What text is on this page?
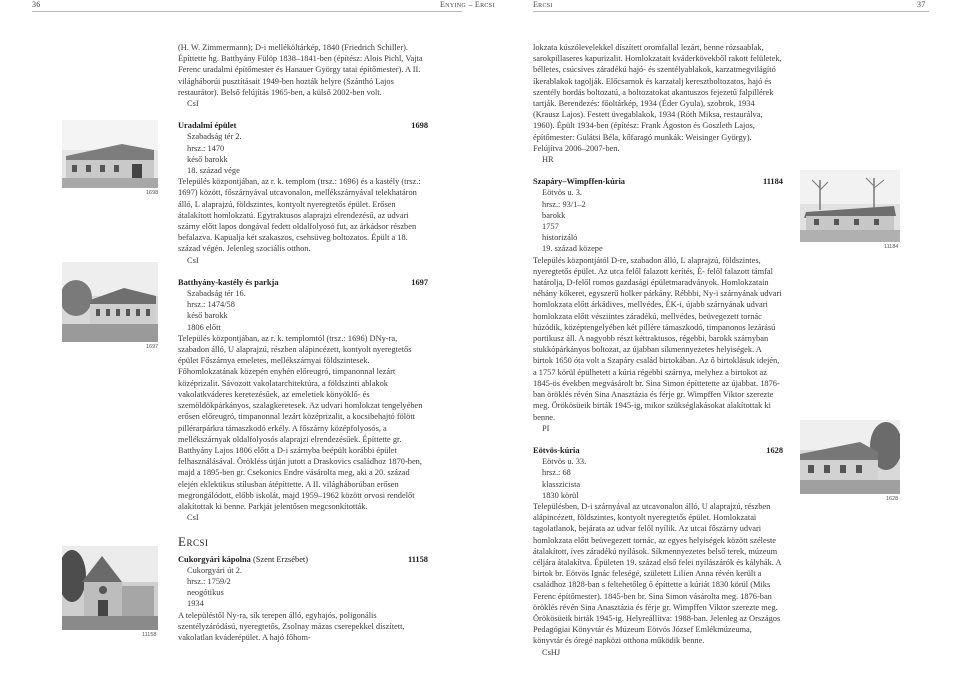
36	Enying – Ercsi	Ercsi	37
1698
1697
11158
11184
1628

(H. W. Zimmermann); D-i melléköltárkép, 1840 (Friedrich Schiller). Építtette hg. Batthyány Fülöp 1838–1841-ben (építész: Alois Pichl, Vajta Ferenc uradalmi építőmester és Hanauer György tatai építőmester). A II. világháborúi pusztításait 1949-ben hozták helyre (Szánthó Lajos restaurátor). Belső felújítás 1965-ben, a külső 2002-ben volt.

CsI

Uradalmi épület	1698

Szabadság tér 2.

hrsz.: 1470

késő barokk

18. század vége

Település központjában, az r. k. templom (trsz.: 1696) és a kastély (trsz.: 1697) között, főszárnyával utcavonalon, mellékszárnyával telekhatáron álló, L alaprajzú, földszintes, kontyolt nyeregtetős épület. Erősen átalakított homlokzatú. Egytraktusos alaprajzi elrendezésű, az udvari szárny előtt lapos dongával fedett oldalfolyosó fut, az árkádsor részben befalazva. Kapualja két szakaszos, csehsüveg boltozatos. Épült a 18. század végén. Jelenleg szociális otthon.

CsI

Batthyány-kastély és parkja	1697

Szabadság tér 16.

hrsz.: 1474/58

késő barokk

1806 előtt

Település központjában, az r. k. templomtól (trsz.: 1696) DNy-ra, szabadon álló, U alaprajzú, részben alápincézett, kontyolt nyeregtetős épület Főszárnya emeletes, mellékszárnyai földszintesek. Főhomlokzatának közepén enyhén előreugró, timpanonnal lezárt középrizalit. Sávozott vakolatarchitektúra, a földszinti ablakok vakolatkváderes keretezésűek, az emeletiek könyöklő- és szemöldökpárkányos, szalagkeretesek. Az udvari homlokzat tengelyében erősen előreugró, timpanonnal lezárt középrizalit, a kocsibehajtó fölött pillérarpárkra támaszkodó erkély. A főszárny középfolyosós, a mellékszárnyak oldalfolyosós alaprajzi elrendezésűek. Építtette gr. Batthyány Lajos 1806 előtt a D-i szárnyba beépült korábbi épület felhasználásával. Örökléss útján jutott a Draskovics családhoz 1870-ben, majd a 1895-ben gr. Csekonics Endre vásárolta meg, aki a 20. század elején eklektikus stílusban átépíttette. A II. világháborúban erősen megrongálódott, előbb iskolát, majd 1959–1962 között orvosi rendelőt alakítottak ki benne. Parkját jelentősen megcsonkították.

CsI

Ercsi
Cukorgyári kápolna (Szent Erzsébet)	11158

Cukorgyári út 2.

hrsz.: 1759/2

neogótikus

1934

A településtől Ny-ra, sík terepen álló, egyhajós, poligonális szentélyzáródású, nyeregtetős, Zsolnay mázas cserepekkel díszített, vakolatlan kváderépület. A hajó főhom-

lokzata kúszólevelekkel díszített oromfallal lezárt, benne rózsaablak, sarokpillaseres kapurizalit. Homlokzatait kváderkövekből rakott felületek, bélletes, csúcsíves záradékú hajó- és szentélyablakok, karzatmegvilágító íkerablakok tagolják. Előcsarnok és karzatalj keresztboltozatos, hajó és szentély bordás boltozatú, a boltozatokat akantuszos fejezetű falpillérek tartják. Berendezés: főoltárkép, 1934 (Éder Gyula), szobrok, 1934 (Krausz Lajos). Festett üvegablakok, 1934 (Róth Miksa, restaurálva, 1960). Épült 1934-ben (építész: Frank Ágoston és Goszleth Lajos, építőmester: Gulátsi Béla, kőfaragó munkák: Weisinger György). Felújítva 2006–2007-ben.

HR

Szapáry–Wimpffen-kúria	11184

Eötvös u. 3.

hrsz.: 93/1–2

barokk

1757

historizáló

19. század közepe

Település központjától D-re, szabadon álló, L alaprajzú, földszintes, nyeregtetős épület. Az utca felől falazott kerítés, É- felől falazott támfal határolja, D-felől romos gazdasági épületmaradványok. Homlokzatain néhány kőkeret, egyszerű holker párkány. Rébbbi, Ny-i szárnyának udvari homlokzata előtt árkádives, mellvédes, ÉK-i, újabb szárnyának udvari homlokzata előtt vésziintes záradékú, mellvédes, beüvegezett tornác húzódik, középtengelyében két pillére támaszkodó, timpanonos lezárású portikusz áll. A nagyobb részt kéttraktusos, régebbi, barokk szárnyban stukkópárkányos boltozat, az újabban síkmennyezetes helyiségek. A birtok 1650 óta volt a Szapáry család birtokában. Az ő birtoklásuk idején, a 1757 körül épülhetett a kúria régebbi szárnya, melyhez a birtokot az 1845-ös években megvásárolt br. Sina Simon építtetette az újabbat. 1876-ban öröklés révén Sina Anasztázia és férje gr. Wimpffen Viktor szerezte meg. Örökösüeik birták 1945-ig, mikor szükséglakásokat alakítottak ki benne.

PI

Eötvös-kúria	1628

Eötvös u. 33.

hrsz.: 68

klasszicista

1830 körül

Településben, D-i szárnyával az utcavonalon álló, U alaprajzú, részben alápincézett, földszintes, kontyolt nyeregtetős épület. Homlokzatai tagolatlanok, bejárata az udvar felől nyílik. Az utcai főszárny udvari homlokzata előtt beüvegezett tornác, az egyes helyiségek között széleste átalakított, íves záradékú nyílások. Síkmennyezetes belső terek, múzeum céljára átalakítva. Épületen 19. század első felei nyílászárók és kályhák. A birtok br. Eötvös Ignác feleségé, született Lilien Anna révén került a családhoz 1828-ban s feltehetőleg ő építtette a kúriát 1830 körül (Miks Ferenc építőmester). 1845-ben br. Sina Simon vásárolta meg. 1876-ban öröklés révén Sina Anasztázia és férje gr. Wimpffen Viktor szerezte meg. Örökösüeik birták 1945-ig. Helyreállítva: 1988-ban. Jelenleg az Országos Pedagógiai Könyvtár és Múzeum Eötvös József Emlékmúzeuma, könyvtár és óregé napközi otthona működik benne.

CsHJ
